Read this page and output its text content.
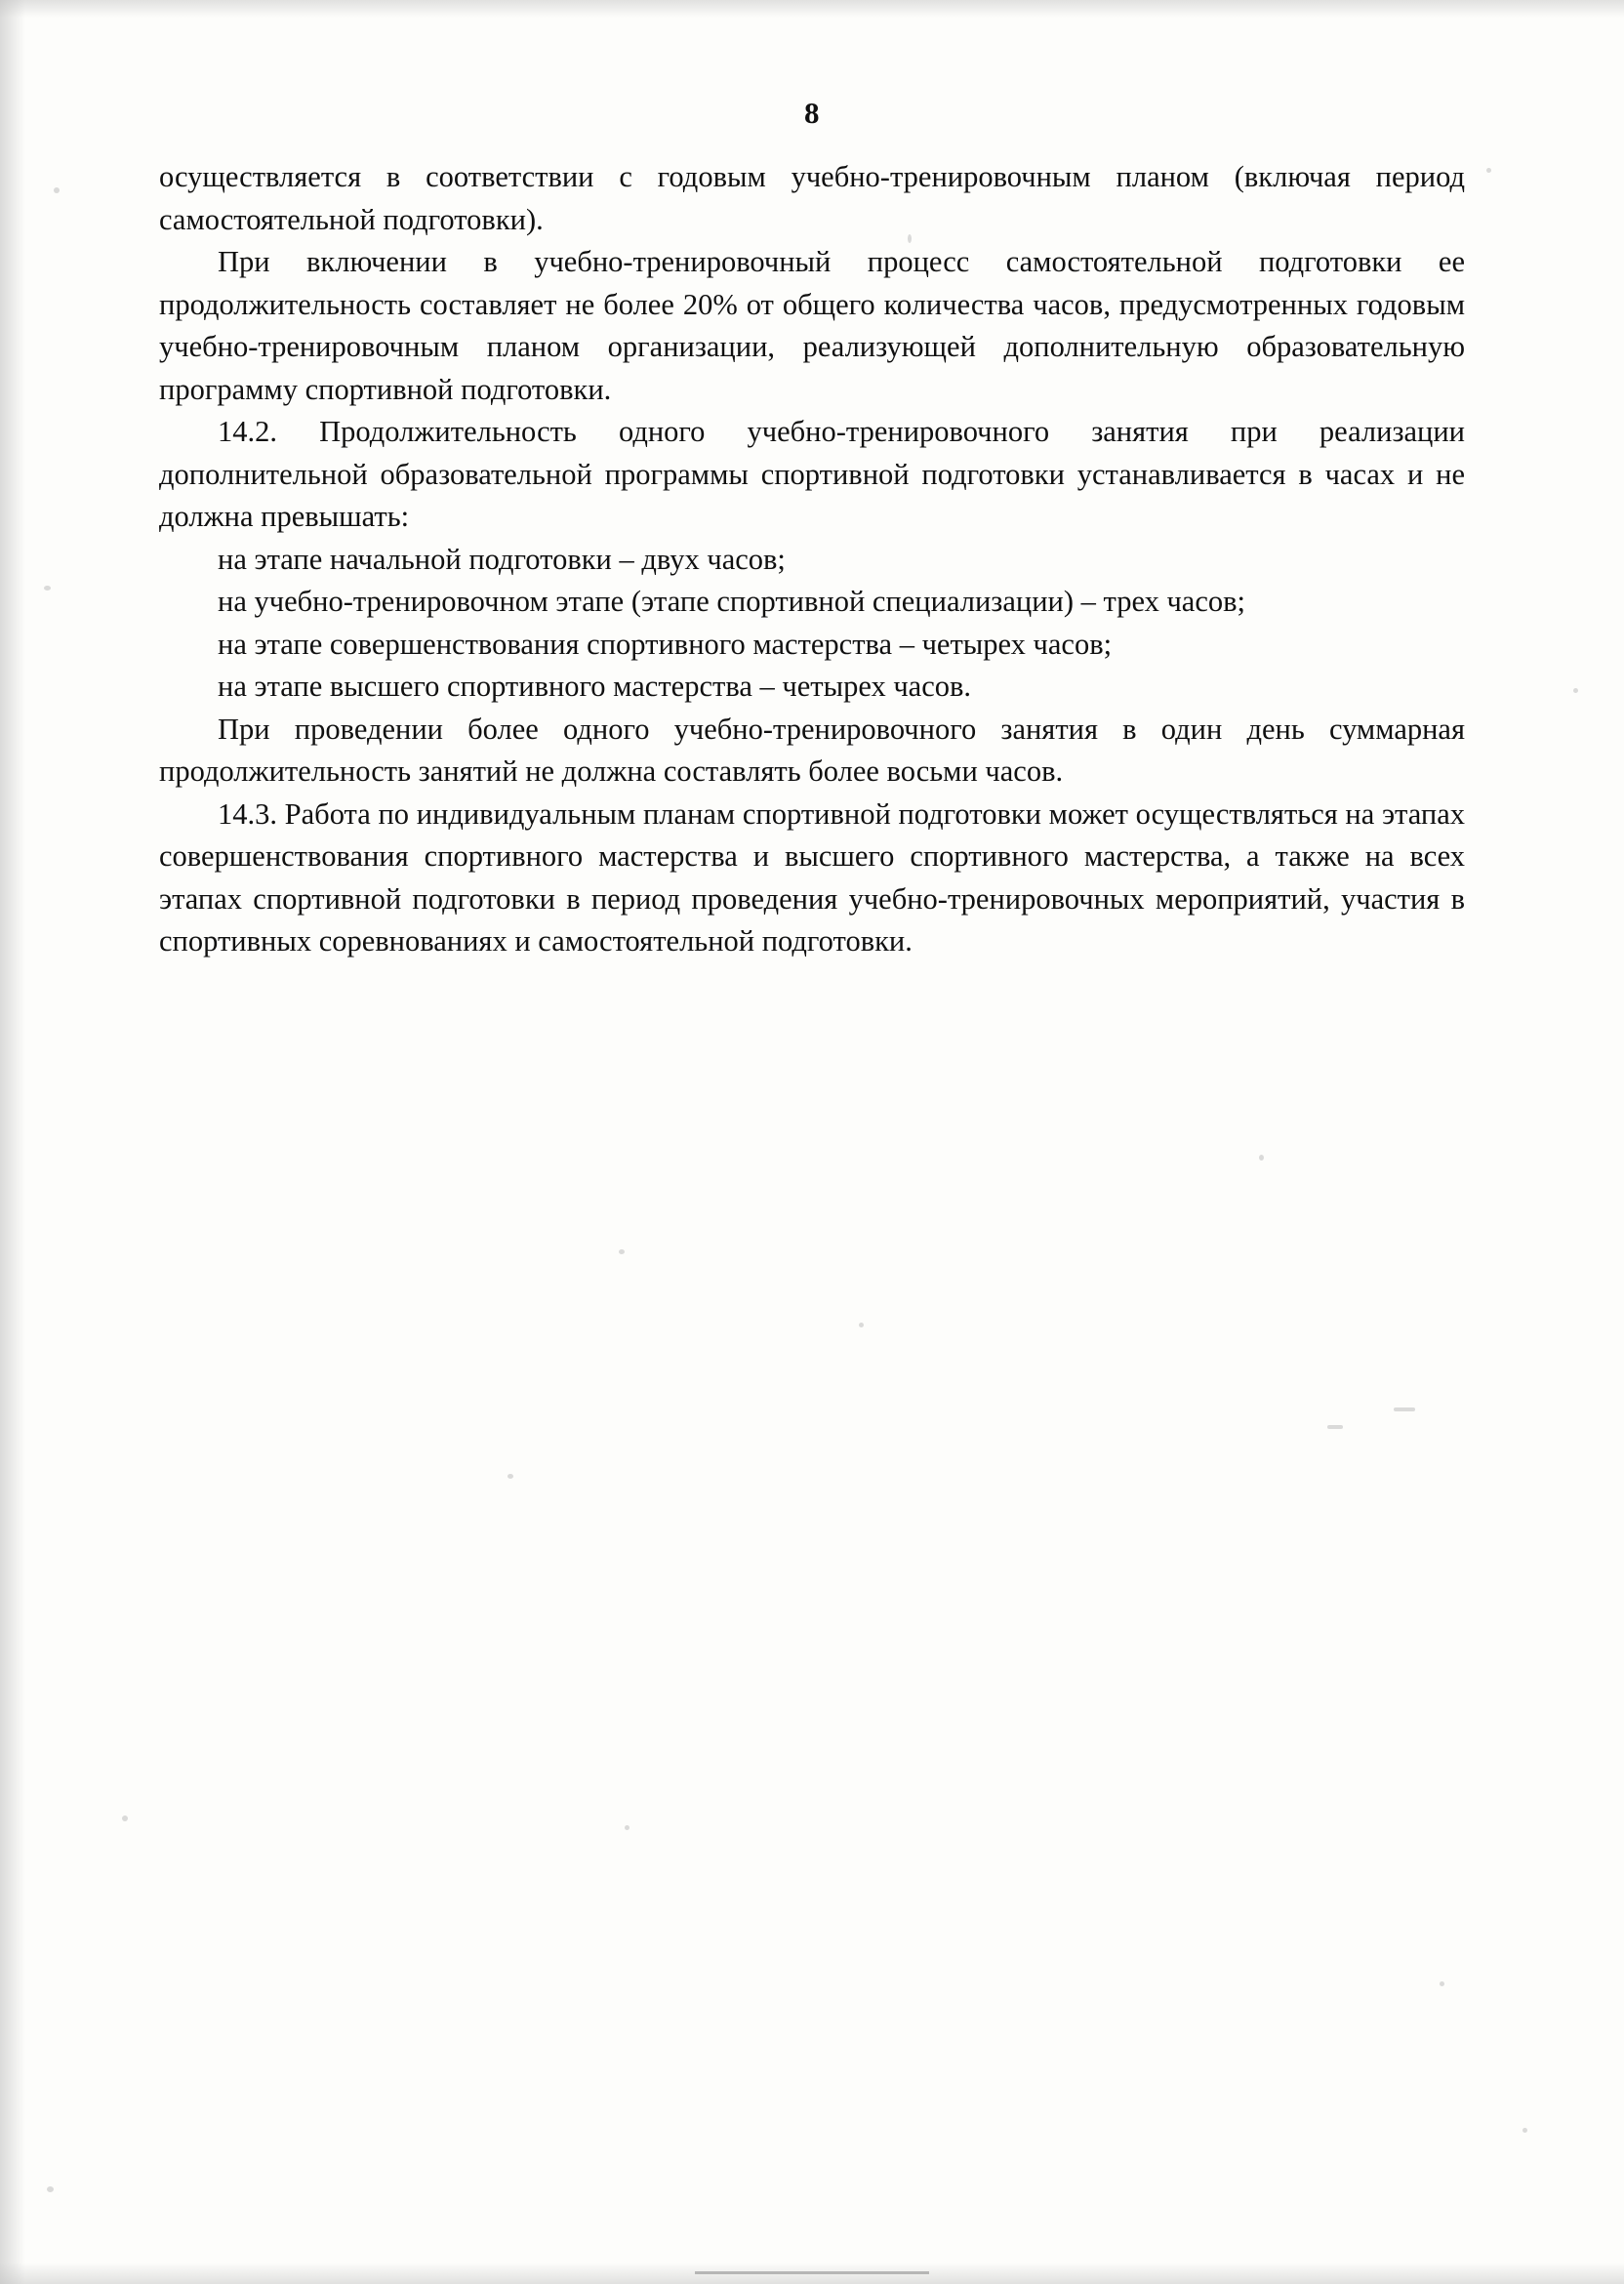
8

осуществляется в соответствии с годовым учебно-тренировочным планом (включая период самостоятельной подготовки).

При включении в учебно-тренировочный процесс самостоятельной подготовки ее продолжительность составляет не более 20% от общего количества часов, предусмотренных годовым учебно-тренировочным планом организации, реализующей дополнительную образовательную программу спортивной подготовки.

14.2. Продолжительность одного учебно-тренировочного занятия при реализации дополнительной образовательной программы спортивной подготовки устанавливается в часах и не должна превышать:

на этапе начальной подготовки – двух часов;

на учебно-тренировочном этапе (этапе спортивной специализации) – трех часов;

на этапе совершенствования спортивного мастерства – четырех часов;

на этапе высшего спортивного мастерства – четырех часов.

При проведении более одного учебно-тренировочного занятия в один день суммарная продолжительность занятий не должна составлять более восьми часов.

14.3. Работа по индивидуальным планам спортивной подготовки может осуществляться на этапах совершенствования спортивного мастерства и высшего спортивного мастерства, а также на всех этапах спортивной подготовки в период проведения учебно-тренировочных мероприятий, участия в спортивных соревнованиях и самостоятельной подготовки.
